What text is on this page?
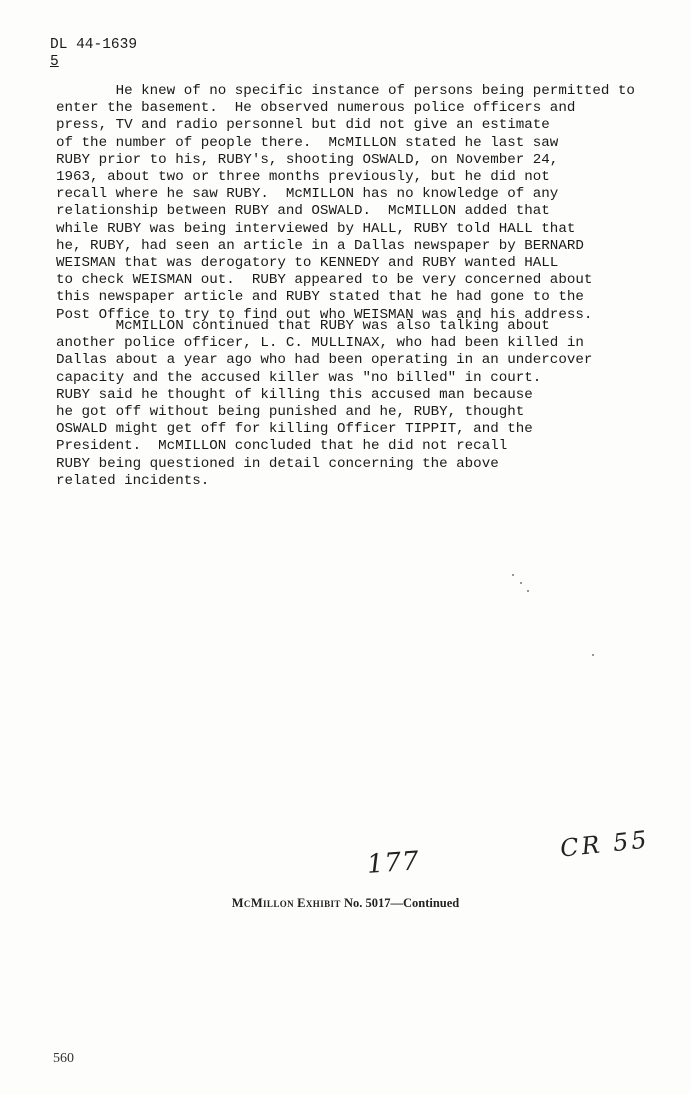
DL 44-1639
5
He knew of no specific instance of persons being permitted to
enter the basement.  He observed numerous police officers and
press, TV and radio personnel but did not give an estimate
of the number of people there.  McMILLON stated he last saw
RUBY prior to his, RUBY's, shooting OSWALD, on November 24,
1963, about two or three months previously, but he did not
recall where he saw RUBY.  McMILLON has no knowledge of any
relationship between RUBY and OSWALD.  McMILLON added that
while RUBY was being interviewed by HALL, RUBY told HALL that
he, RUBY, had seen an article in a Dallas newspaper by BERNARD
WEISMAN that was derogatory to KENNEDY and RUBY wanted HALL
to check WEISMAN out.  RUBY appeared to be very concerned about
this newspaper article and RUBY stated that he had gone to the
Post Office to try to find out who WEISMAN was and his address.
McMILLON continued that RUBY was also talking about
another police officer, L. C. MULLINAX, who had been killed in
Dallas about a year ago who had been operating in an undercover
capacity and the accused killer was "no billed" in court.
RUBY said he thought of killing this accused man because
he got off without being punished and he, RUBY, thought
OSWALD might get off for killing Officer TIPPIT, and the
President.  McMILLON concluded that he did not recall
RUBY being questioned in detail concerning the above
related incidents.
177
CR 55
McMillon Exhibit No. 5017—Continued
560
